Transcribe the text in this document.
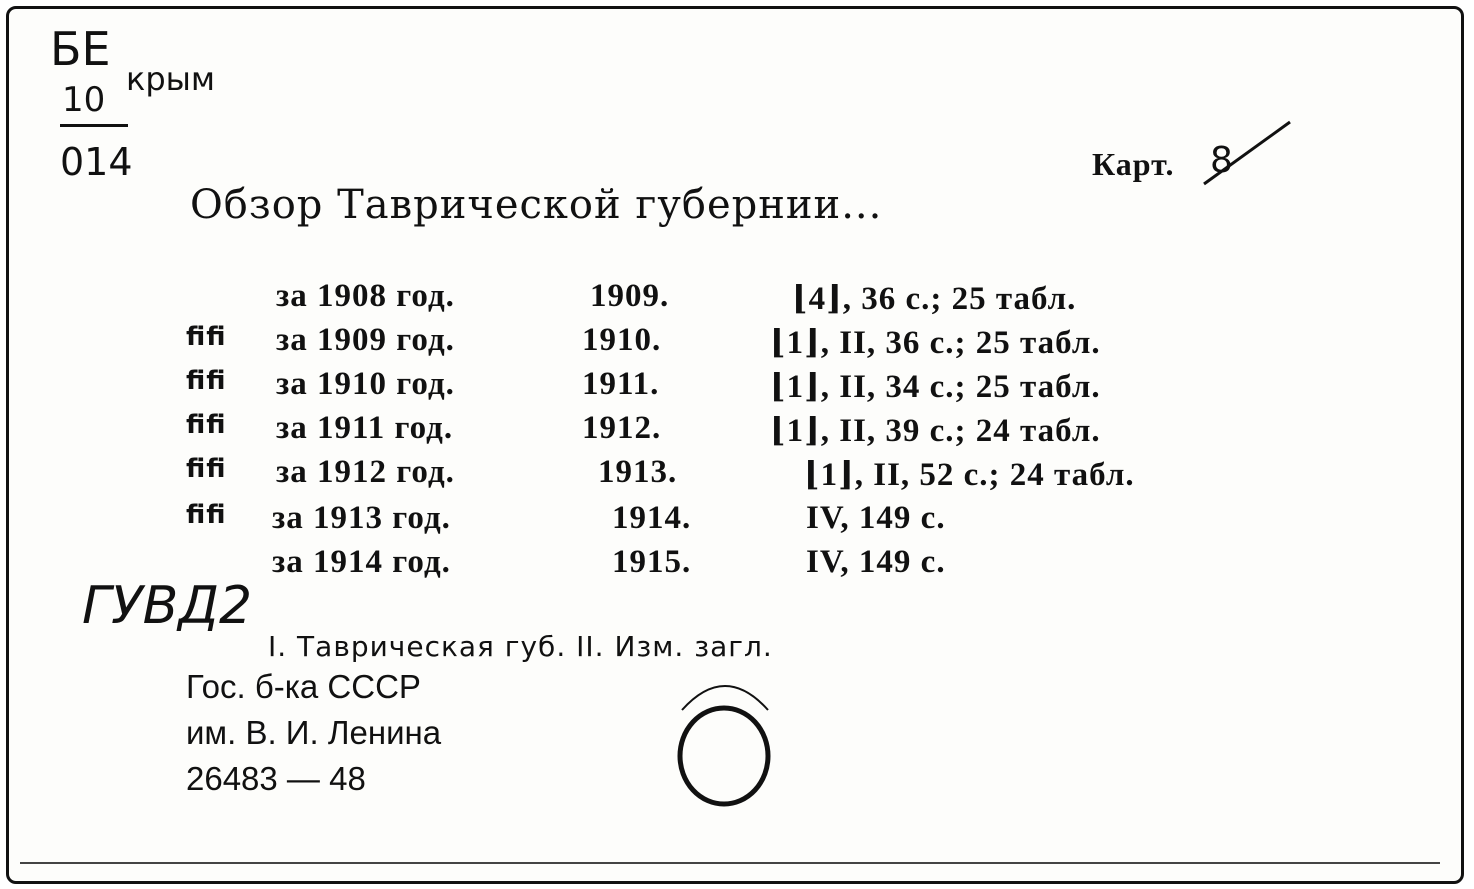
БЕ
крым
10
014	Карт. 8
Обзор Таврической губернии...
за 1908 год.	1909.	⌊4⌋, 36 с.; 25 табл.
ﬁﬁ за 1909 год.	1910.	⌊1⌋, II, 36 с.; 25 табл.
ﬁﬁ за 1910 год.	1911.	⌊1⌋, II, 34 с.; 25 табл.
ﬁﬁ за 1911 год.	1912.	⌊1⌋, II, 39 с.; 24 табл.
ﬁﬁ за 1912 год.	1913.	⌊1⌋, II, 52 с.; 24 табл.
ﬁﬁ за 1913 год.	1914.	IV, 149 с.
за 1914 год.	1915.	IV, 149 с.
ГУВД2
I. Таврическая губ. II. Изм. загл.
Гос. б-ка СССР
им. В. И. Ленина
26483 — 48
